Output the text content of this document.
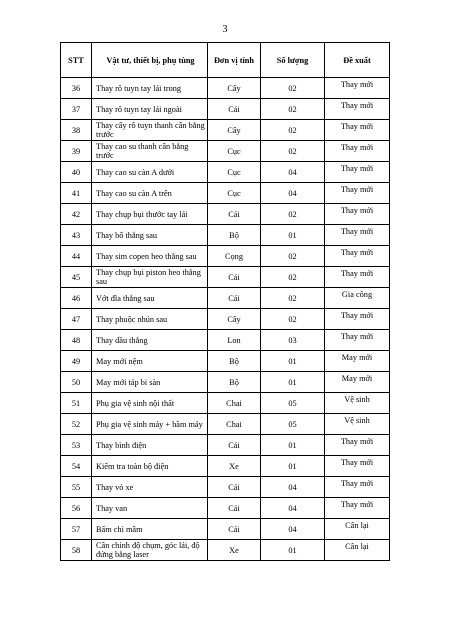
3
STT	Vật tư, thiết bị, phụ tùng	Đơn vị tính	Số lượng	Đề xuất
36	Thay rô tuyn tay lái trong	Cây	02	Thay mới
37	Thay rô tuyn tay lái ngoài	Cái	02	Thay mới
38	Thay cây rô tuyn thanh cân bằng trước	Cây	02	Thay mới
39	Thay cao su thanh cân bằng trước	Cục	02	Thay mới
40	Thay cao su càn A dưới	Cục	04	Thay mới
41	Thay cao su càn A trên	Cục	04	Thay mới
42	Thay chụp bụi thước tay lái	Cái	02	Thay mới
43	Thay bố thắng sau	Bộ	01	Thay mới
44	Thay sim copen heo thắng sau	Cọng	02	Thay mới
45	Thay chụp bụi piston heo thắng sau	Cái	02	Thay mới
46	Vớt đĩa thắng sau	Cái	02	Gia công
47	Thay phuộc nhún sau	Cây	02	Thay mới
48	Thay dầu thắng	Lon	03	Thay mới
49	May mới nệm	Bộ	01	May mới
50	May mới táp bi sàn	Bộ	01	May mới
51	Phụ gia vệ sinh nội thất	Chai	05	Vệ sinh
52	Phụ gia vệ sinh máy + hầm máy	Chai	05	Vệ sinh
53	Thay bình điện	Cái	01	Thay mới
54	Kiểm tra toàn bộ điện	Xe	01	Thay mới
55	Thay vỏ xe	Cái	04	Thay mới
56	Thay van	Cái	04	Thay mới
57	Bấm chì mâm	Cái	04	Cân lại
58	Cân chỉnh độ chụm, góc lái, độ đứng bằng laser	Xe	01	Cân lại
